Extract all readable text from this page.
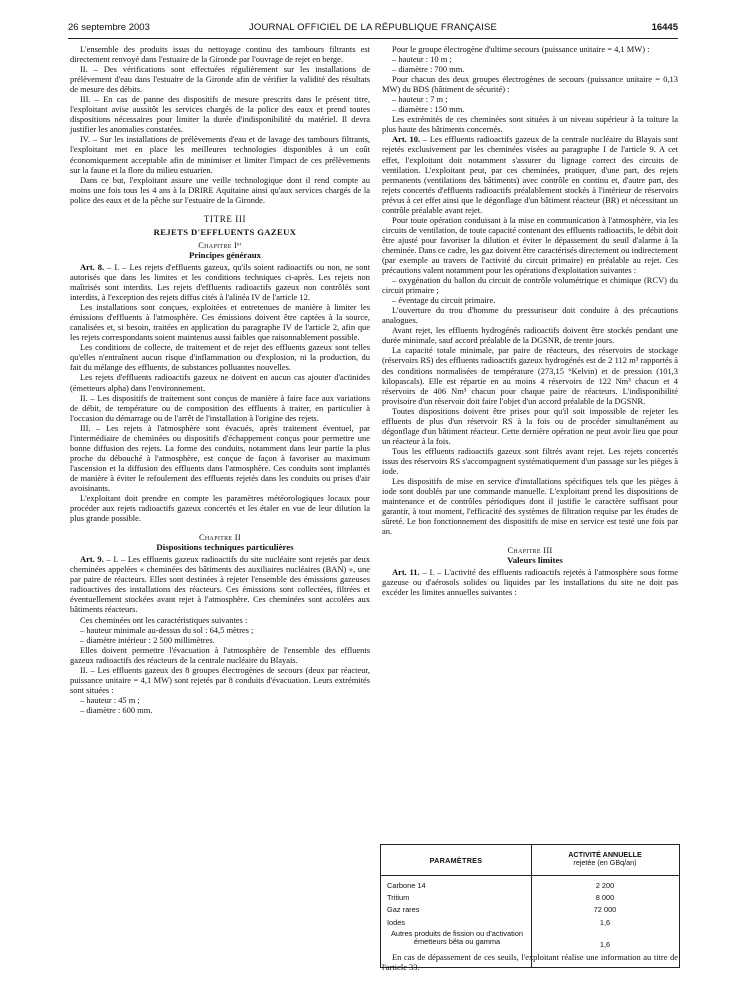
26 septembre 2003	JOURNAL OFFICIEL DE LA RÉPUBLIQUE FRANÇAISE	16445

L'ensemble des produits issus du nettoyage continu des tambours filtrants est directement renvoyé dans l'estuaire de la Gironde par l'ouvrage de rejet en berge.

II. – Des vérifications sont effectuées régulièrement sur les installations de prélèvement d'eau dans l'estuaire de la Gironde afin de vérifier la validité des résultats de mesure des débits.

III. – En cas de panne des dispositifs de mesure prescrits dans le présent titre, l'exploitant avise aussitôt les services chargés de la police des eaux et prend toutes dispositions nécessaires pour limiter la durée d'indisponibilité du matériel. Il devra justifier les anomalies constatées.

IV. – Sur les installations de prélèvements d'eau et de lavage des tambours filtrants, l'exploitant met en place les meilleures technologies disponibles à un coût économiquement acceptable afin de minimiser et limiter l'impact de ces prélèvements sur la faune et la flore du milieu estuarien.

Dans ce but, l'exploitant assure une veille technologique dont il rend compte au moins une fois tous les 4 ans à la DRIRE Aquitaine ainsi qu'aux services chargés de la police des eaux et de la pêche sur l'estuaire de la Gironde.

TITRE III

REJETS D'EFFLUENTS GAZEUX

Chapitre Iᵉʳ

Principes généraux

Art. 8. – I. – Les rejets d'effluents gazeux, qu'ils soient radioactifs ou non, ne sont autorisés que dans les limites et les conditions techniques ci-après. Les rejets non maîtrisés sont interdits. Les rejets d'effluents radioactifs gazeux non contrôlés sont interdits, à l'exception des rejets diffus cités à l'alinéa IV de l'article 12.

Les installations sont conçues, exploitées et entretenues de manière à limiter les émissions d'effluents à l'atmosphère. Ces émissions doivent être captées à la source, canalisées et, si besoin, traitées en application du paragraphe IV de l'article 2, afin que les rejets correspondants soient maintenus aussi faibles que raisonnablement possible.

Les conditions de collecte, de traitement et de rejet des effluents gazeux sont telles qu'elles n'entraînent aucun risque d'inflammation ou d'explosion, ni la production, du fait du mélange des effluents, de substances polluantes nouvelles.

Les rejets d'effluents radioactifs gazeux ne doivent en aucun cas ajouter d'actinides (émetteurs alpha) dans l'environnement.

II. – Les dispositifs de traitement sont conçus de manière à faire face aux variations de débit, de température ou de composition des effluents à traiter, en particulier à l'occasion du démarrage ou de l'arrêt de l'installation à l'origine des rejets.

III. – Les rejets à l'atmosphère sont évacués, après traitement éventuel, par l'intermédiaire de cheminées ou dispositifs d'échappement conçus pour permettre une bonne diffusion des rejets. La forme des conduits, notamment dans leur partie la plus proche du débouché à l'atmosphère, est conçue de façon à favoriser au maximum l'ascension et la diffusion des effluents dans l'atmosphère. Ces conduits sont implantés de manière à éviter le refoulement des effluents rejetés dans les conduits ou prises d'air avoisinants.

L'exploitant doit prendre en compte les paramètres météorologiques locaux pour procéder aux rejets radioactifs gazeux concertés et les étaler en vue de leur dilution la plus grande possible.

Chapitre II

Dispositions techniques particulières

Art. 9. – I. – Les effluents gazeux radioactifs du site nucléaire sont rejetés par deux cheminées appelées « cheminées des bâtiments des auxiliaires nucléaires (BAN) », une par paire de réacteurs. Elles sont destinées à rejeter l'ensemble des émissions gazeuses radioactives des installations des réacteurs. Ces émissions sont collectées, filtrées et éventuellement stockées avant rejet à l'atmosphère. Ces cheminées sont accolées aux bâtiments réacteurs.

Ces cheminées ont les caractéristiques suivantes :

– hauteur minimale au-dessus du sol : 64,5 mètres ;

– diamètre intérieur : 2 500 millimètres.

Elles doivent permettre l'évacuation à l'atmosphère de l'ensemble des effluents gazeux radioactifs des réacteurs de la centrale nucléaire du Blayais.

II. – Les effluents gazeux des 8 groupes électrogènes de secours (deux par réacteur, puissance unitaire = 4,1 MW) sont rejetés par 8 conduits d'évacuation. Leurs extrémités sont situées :

– hauteur : 45 m ;

– diamètre : 600 mm.

Pour le groupe électrogène d'ultime secours (puissance unitaire = 4,1 MW) :

– hauteur : 10 m ;

– diamètre : 700 mm.

Pour chacun des deux groupes électrogènes de secours (puissance unitaire = 0,13 MW) du BDS (bâtiment de sécurité) :

– hauteur : 7 m ;

– diamètre : 150 mm.

Les extrémités de ces cheminées sont situées à un niveau supérieur à la toiture la plus haute des bâtiments concernés.

Art. 10. – Les effluents radioactifs gazeux de la centrale nucléaire du Blayais sont rejetés exclusivement par les cheminées visées au paragraphe I de l'article 9. A cet effet, l'exploitant doit notamment s'assurer du lignage correct des circuits de ventilation. L'exploitant peut, par ces cheminées, pratiquer, d'une part, des rejets permanents (ventilations des bâtiments) avec contrôle en continu et, d'autre part, des rejets concertés d'effluents radioactifs préalablement stockés à l'intérieur de réservoirs prévus à cet effet ainsi que le dégonflage d'un bâtiment réacteur (BR) et nécessitant un contrôle préalable avant rejet.

Pour toute opération conduisant à la mise en communication à l'atmosphère, via les circuits de ventilation, de toute capacité contenant des effluents radioactifs, le débit doit être ajusté pour favoriser la dilution et éviter le dépassement du seuil d'alarme à la cheminée. Dans ce cadre, les gaz doivent être caractérisés directement ou indirectement (par exemple au travers de l'activité du circuit primaire) en préalable au rejet. Ces précautions valent notamment pour les opérations d'exploitation suivantes :

– oxygénation du ballon du circuit de contrôle volumétrique et chimique (RCV) du circuit primaire ;

– éventage du circuit primaire.

L'ouverture du trou d'homme du pressuriseur doit conduire à des précautions analogues.

Avant rejet, les effluents hydrogénés radioactifs doivent être stockés pendant une durée minimale, sauf accord préalable de la DGSNR, de trente jours.

La capacité totale minimale, par paire de réacteurs, des réservoirs de stockage (réservoirs RS) des effluents radioactifs gazeux hydrogénés est de 2 112 m³ rapportés à des conditions normalisées de température (273,15 °Kelvin) et de pression (101,3 kilopascals). Elle est répartie en au moins 4 réservoirs de 122 Nm³ chacun et 4 réservoirs de 406 Nm³ chacun pour chaque paire de réacteurs. L'indisponibilité provisoire d'un réservoir doit faire l'objet d'un accord préalable de la DGSNR.

Toutes dispositions doivent être prises pour qu'il soit impossible de rejeter les effluents de plus d'un réservoir RS à la fois ou de procéder simultanément au dégonflage d'un bâtiment réacteur. Cette dernière opération ne peut avoir lieu que pour un réacteur à la fois.

Tous les effluents radioactifs gazeux sont filtrés avant rejet. Les rejets concertés issus des réservoirs RS s'accompagnent systématiquement d'un passage sur les pièges à iode.

Les dispositifs de mise en service d'installations spécifiques tels que les pièges à iode sont doublés par une commande manuelle. L'exploitant prend les dispositions de maintenance et de contrôles périodiques dont il justifie le caractère suffisant pour garantir, à tout moment, l'efficacité des systèmes de filtration requise par les études de sûreté. Le bon fonctionnement des dispositifs de mise en service est testé une fois par an.

Chapitre III

Valeurs limites

Art. 11. – I. – L'activité des effluents radioactifs rejetés à l'atmosphère sous forme gazeuse ou d'aérosols solides ou liquides par les installations du site ne doit pas excéder les limites annuelles suivantes :

PARAMÈTRES
ACTIVITÉ ANNUELLE
rejetée (en GBq/an)
Carbone 14	2 200
Tritium	8 000
Gaz rares	72 000
Iodes	1,6
Autres produits de fission ou d'activation émetteurs bêta ou gamma	1,6

En cas de dépassement de ces seuils, l'exploitant réalise une information au titre de l'article 33.
